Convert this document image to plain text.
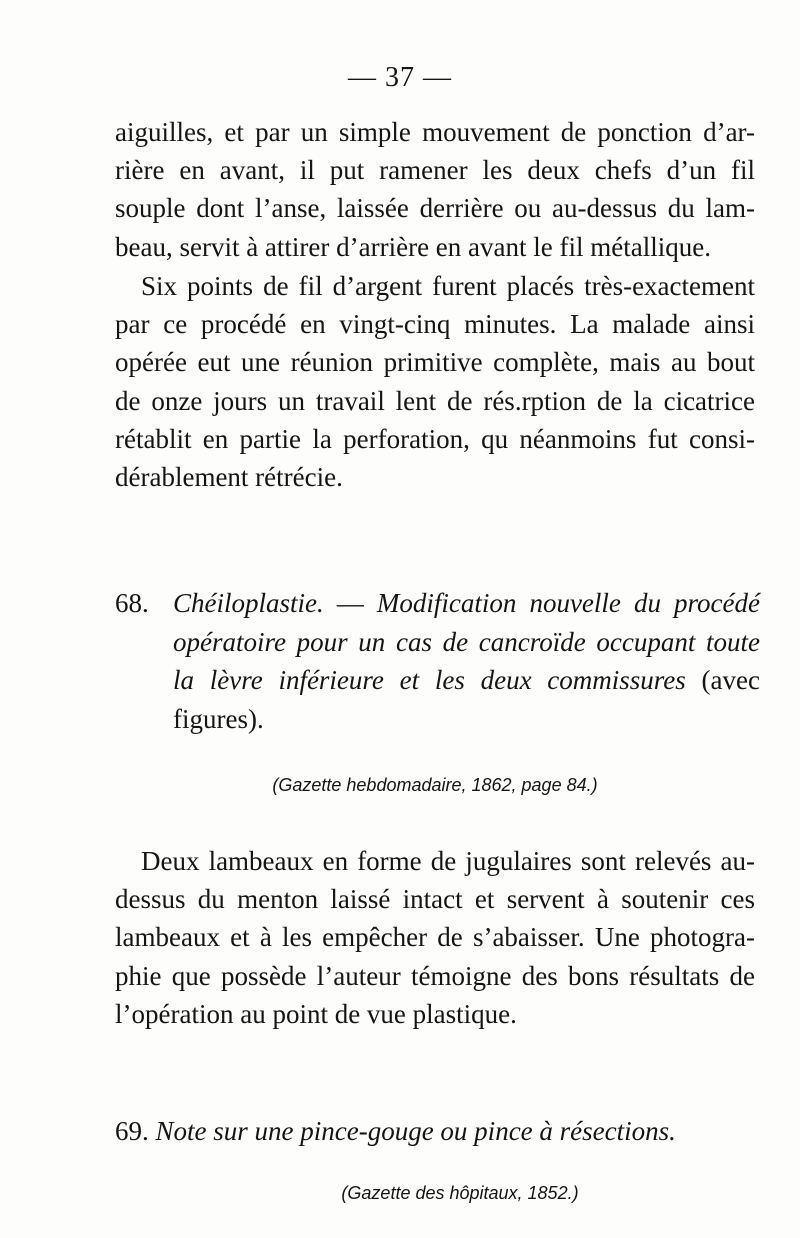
— 37 —

aiguilles, et par un simple mouvement de ponction d’ar-
rière en avant, il put ramener les deux chefs d’un fil
souple dont l’anse, laissée derrière ou au-dessus du lam-
beau, servit à attirer d’arrière en avant le fil métallique.

Six points de fil d’argent furent placés très-exactement
par ce procédé en vingt-cinq minutes. La malade ainsi
opérée eut une réunion primitive complète, mais au bout
de onze jours un travail lent de rés.rption de la cicatrice
rétablit en partie la perforation, qu néanmoins fut consi-
dérablement rétrécie.

68. Chéiloplastie. — Modification nouvelle du procédé
opératoire pour un cas de cancroïde occupant toute
la lèvre inférieure et les deux commissures (avec
figures).
(Gazette hebdomadaire, 1862, page 84.)

Deux lambeaux en forme de jugulaires sont relevés au-
dessus du menton laissé intact et servent à soutenir ces
lambeaux et à les empêcher de s’abaisser. Une photogra-
phie que possède l’auteur témoigne des bons résultats de
l’opération au point de vue plastique.

69. Note sur une pince-gouge ou pince à résections.
(Gazette des hôpitaux, 1852.)
